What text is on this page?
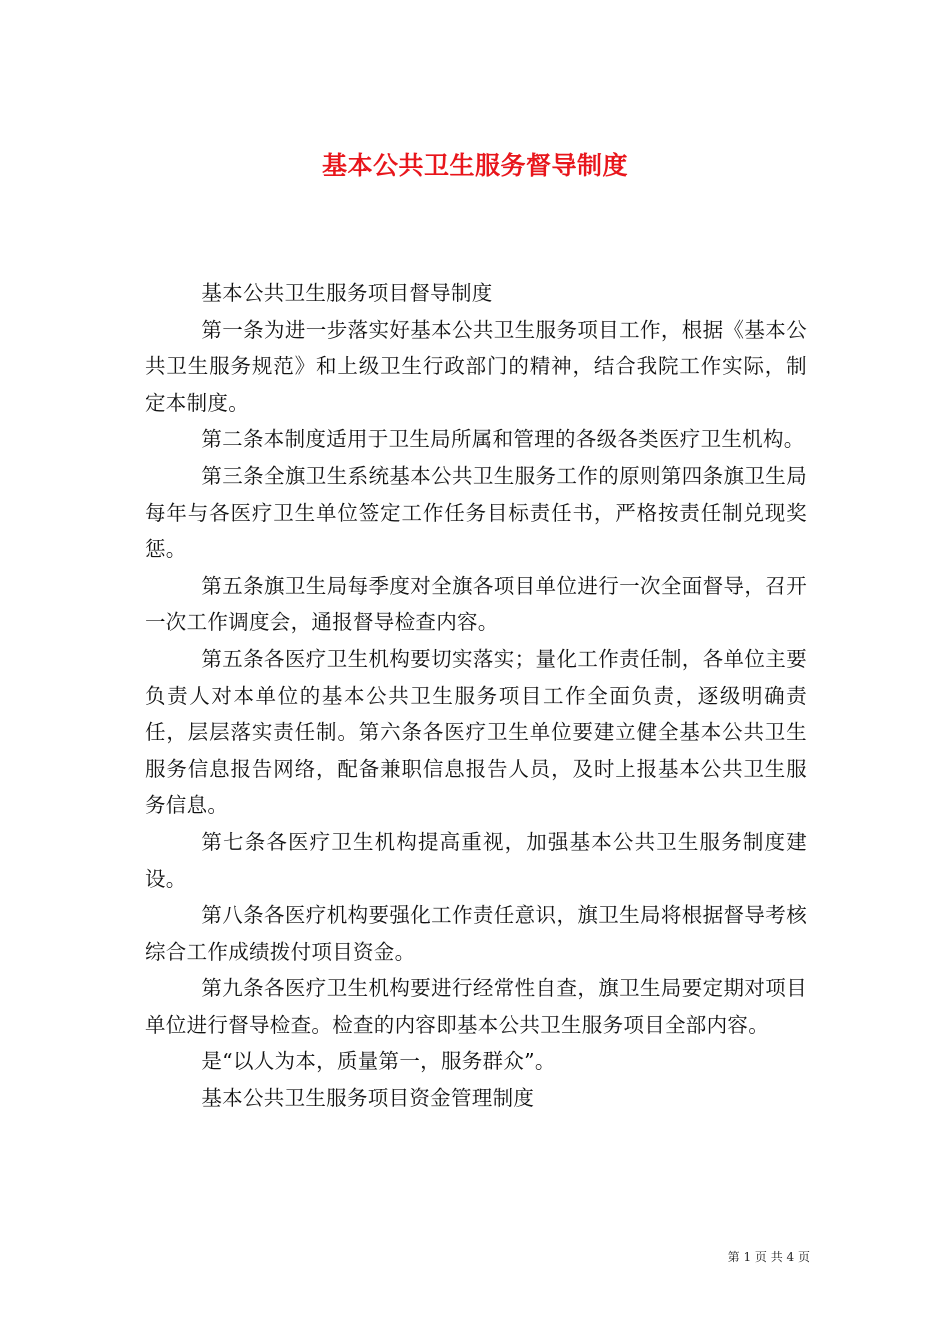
基本公共卫生服务督导制度

基本公共卫生服务项目督导制度

第一条为进一步落实好基本公共卫生服务项目工作，根据《基本公共卫生服务规范》和上级卫生行政部门的精神，结合我院工作实际，制定本制度。

第二条本制度适用于卫生局所属和管理的各级各类医疗卫生机构。

第三条全旗卫生系统基本公共卫生服务工作的原则第四条旗卫生局每年与各医疗卫生单位签定工作任务目标责任书，严格按责任制兑现奖惩。

第五条旗卫生局每季度对全旗各项目单位进行一次全面督导，召开一次工作调度会，通报督导检查内容。

第五条各医疗卫生机构要切实落实；量化工作责任制，各单位主要负责人对本单位的基本公共卫生服务项目工作全面负责，逐级明确责任，层层落实责任制。第六条各医疗卫生单位要建立健全基本公共卫生服务信息报告网络，配备兼职信息报告人员，及时上报基本公共卫生服务信息。

第七条各医疗卫生机构提高重视，加强基本公共卫生服务制度建设。

第八条各医疗机构要强化工作责任意识，旗卫生局将根据督导考核综合工作成绩拨付项目资金。

第九条各医疗卫生机构要进行经常性自查，旗卫生局要定期对项目单位进行督导检查。检查的内容即基本公共卫生服务项目全部内容。

是“以人为本，质量第一，服务群众”。

基本公共卫生服务项目资金管理制度

第 1 页 共 4 页
